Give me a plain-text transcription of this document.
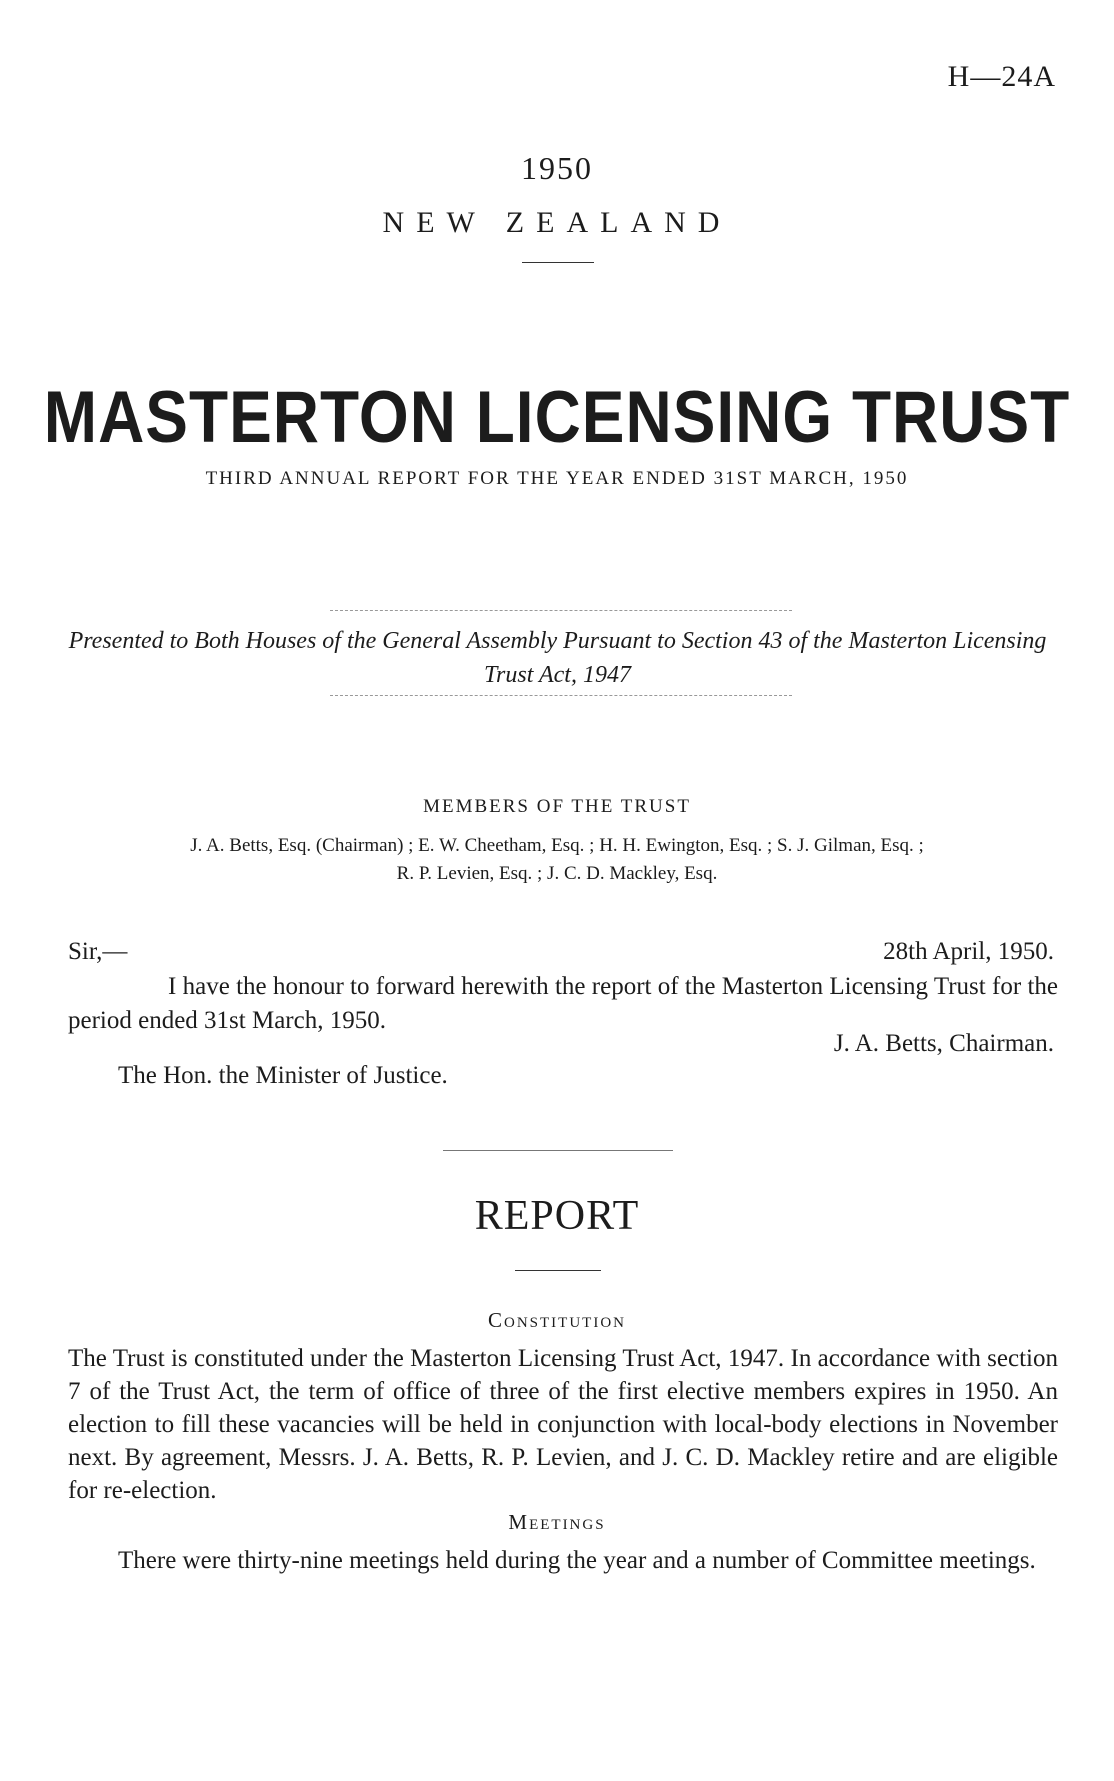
H—24A
1950
NEW ZEALAND
MASTERTON LICENSING TRUST
THIRD ANNUAL REPORT FOR THE YEAR ENDED 31ST MARCH, 1950
Presented to Both Houses of the General Assembly Pursuant to Section 43 of the Masterton Licensing Trust Act, 1947
MEMBERS OF THE TRUST
J. A. Betts, Esq. (Chairman) ; E. W. Cheetham, Esq. ; H. H. Ewington, Esq. ; S. J. Gilman, Esq. ;
R. P. Levien, Esq. ; J. C. D. Mackley, Esq.
Sir,—	28th April, 1950.
I have the honour to forward herewith the report of the Masterton Licensing Trust for the period ended 31st March, 1950.
J. A. Betts, Chairman.
The Hon. the Minister of Justice.
REPORT
Constitution
The Trust is constituted under the Masterton Licensing Trust Act, 1947. In accordance with section 7 of the Trust Act, the term of office of three of the first elective members expires in 1950. An election to fill these vacancies will be held in conjunction with local-body elections in November next. By agreement, Messrs. J. A. Betts, R. P. Levien, and J. C. D. Mackley retire and are eligible for re-election.
Meetings
There were thirty-nine meetings held during the year and a number of Committee meetings.
